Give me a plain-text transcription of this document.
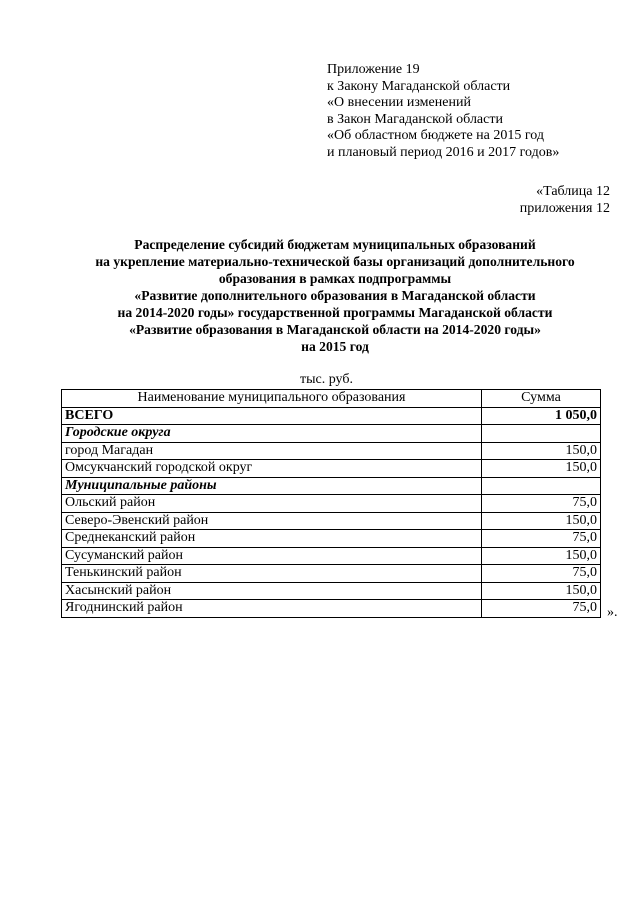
Приложение 19
к Закону Магаданской области
«О внесении изменений
в Закон Магаданской области
«Об областном бюджете на 2015 год
и плановый период 2016 и 2017 годов»
«Таблица 12
приложения 12
Распределение субсидий бюджетам муниципальных образований
на укрепление материально-технической базы организаций дополнительного
образования в рамках подпрограммы
«Развитие дополнительного образования в Магаданской области
на 2014-2020 годы» государственной программы Магаданской области
«Развитие образования в Магаданской области на 2014-2020 годы»
на 2015 год
тыс. руб.
Наименование муниципального образования	Сумма
ВСЕГО	1 050,0
Городские округа	
город Магадан	150,0
Омсукчанский городской округ	150,0
Муниципальные районы	
Ольский район	75,0
Северо-Эвенский район	150,0
Среднеканский район	75,0
Сусуманский район	150,0
Тенькинский район	75,0
Хасынский район	150,0
Ягоднинский район	75,0 ».
